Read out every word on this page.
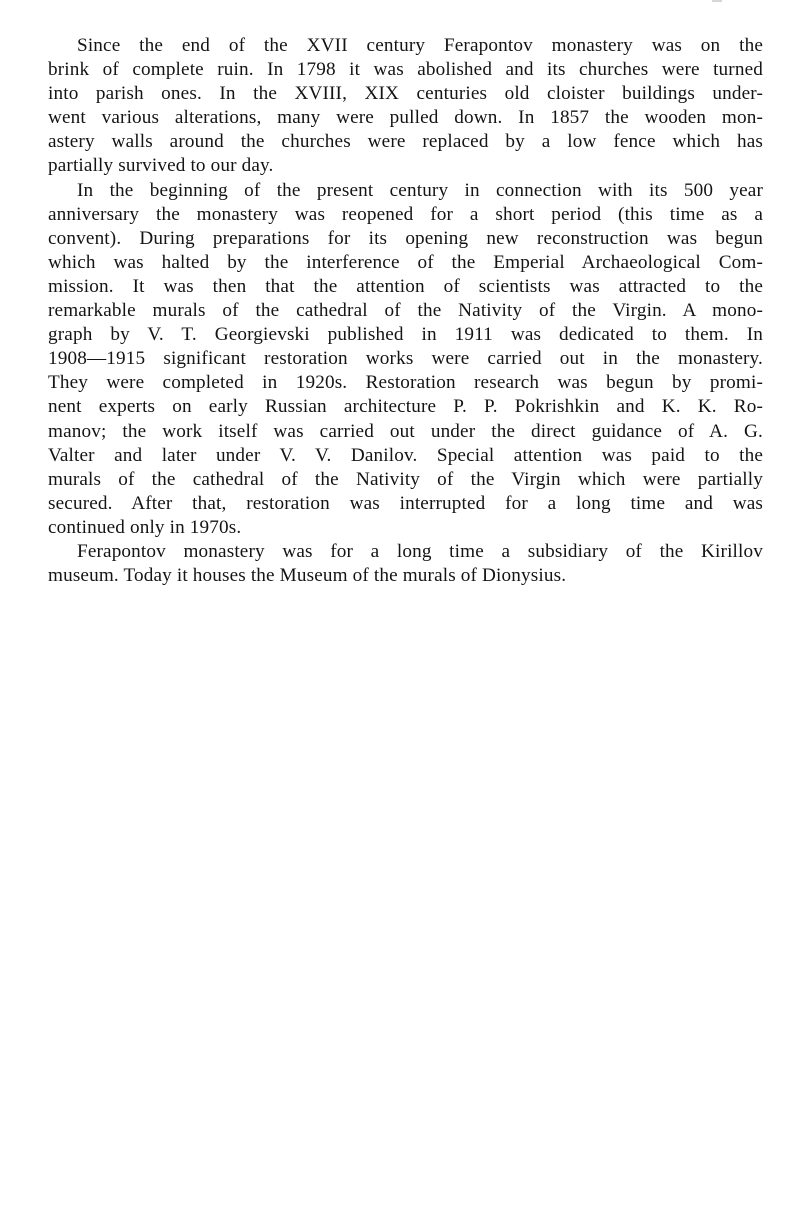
Since the end of the XVII century Ferapontov monastery was on the
brink of complete ruin. In 1798 it was abolished and its churches were turned
into parish ones. In the XVIII, XIX centuries old cloister buildings under-
went various alterations, many were pulled down. In 1857 the wooden mon-
astery walls around the churches were replaced by a low fence which has
partially survived to our day.
In the beginning of the present century in connection with its 500 year
anniversary the monastery was reopened for a short period (this time as a
convent). During preparations for its opening new reconstruction was begun
which was halted by the interference of the Emperial Archaeological Com-
mission. It was then that the attention of scientists was attracted to the
remarkable murals of the cathedral of the Nativity of the Virgin. A mono-
graph by V. T. Georgievski published in 1911 was dedicated to them. In
1908—1915 significant restoration works were carried out in the monastery.
They were completed in 1920s. Restoration research was begun by promi-
nent experts on early Russian architecture P. P. Pokrishkin and K. K. Ro-
manov; the work itself was carried out under the direct guidance of A. G.
Valter and later under V. V. Danilov. Special attention was paid to the
murals of the cathedral of the Nativity of the Virgin which were partially
secured. After that, restoration was interrupted for a long time and was
continued only in 1970s.
Ferapontov monastery was for a long time a subsidiary of the Kirillov
museum. Today it houses the Museum of the murals of Dionysius.
